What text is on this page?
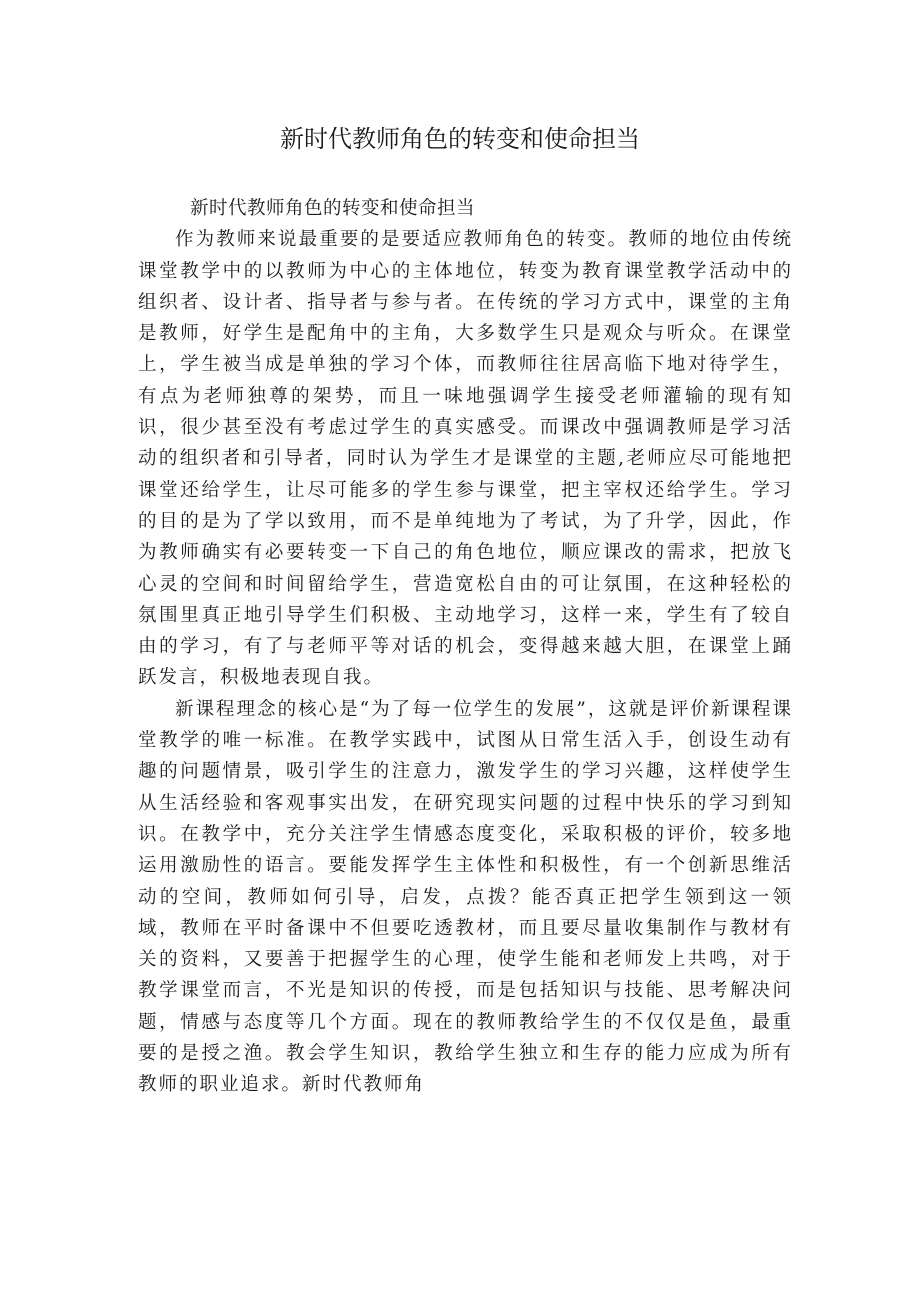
新时代教师角色的转变和使命担当

新时代教师角色的转变和使命担当

作为教师来说最重要的是要适应教师角色的转变。教师的地位由传统课堂教学中的以教师为中心的主体地位，转变为教育课堂教学活动中的组织者、设计者、指导者与参与者。在传统的学习方式中，课堂的主角是教师，好学生是配角中的主角，大多数学生只是观众与听众。在课堂上，学生被当成是单独的学习个体，而教师往往居高临下地对待学生，有点为老师独尊的架势，而且一味地强调学生接受老师灌输的现有知识，很少甚至没有考虑过学生的真实感受。而课改中强调教师是学习活动的组织者和引导者，同时认为学生才是课堂的主题,老师应尽可能地把课堂还给学生，让尽可能多的学生参与课堂，把主宰权还给学生。学习的目的是为了学以致用，而不是单纯地为了考试，为了升学，因此，作为教师确实有必要转变一下自己的角色地位，顺应课改的需求，把放飞心灵的空间和时间留给学生，营造宽松自由的可让氛围，在这种轻松的氛围里真正地引导学生们积极、主动地学习，这样一来，学生有了较自由的学习，有了与老师平等对话的机会，变得越来越大胆，在课堂上踊跃发言，积极地表现自我。

新课程理念的核心是“为了每一位学生的发展”，这就是评价新课程课堂教学的唯一标准。在教学实践中，试图从日常生活入手，创设生动有趣的问题情景，吸引学生的注意力，激发学生的学习兴趣，这样使学生从生活经验和客观事实出发，在研究现实问题的过程中快乐的学习到知识。在教学中，充分关注学生情感态度变化，采取积极的评价，较多地运用激励性的语言。要能发挥学生主体性和积极性，有一个创新思维活动的空间，教师如何引导，启发，点拨？能否真正把学生领到这一领域，教师在平时备课中不但要吃透教材，而且要尽量收集制作与教材有关的资料，又要善于把握学生的心理，使学生能和老师发上共鸣，对于教学课堂而言，不光是知识的传授，而是包括知识与技能、思考解决问题，情感与态度等几个方面。现在的教师教给学生的不仅仅是鱼，最重要的是授之渔。教会学生知识，教给学生独立和生存的能力应成为所有教师的职业追求。新时代教师角
